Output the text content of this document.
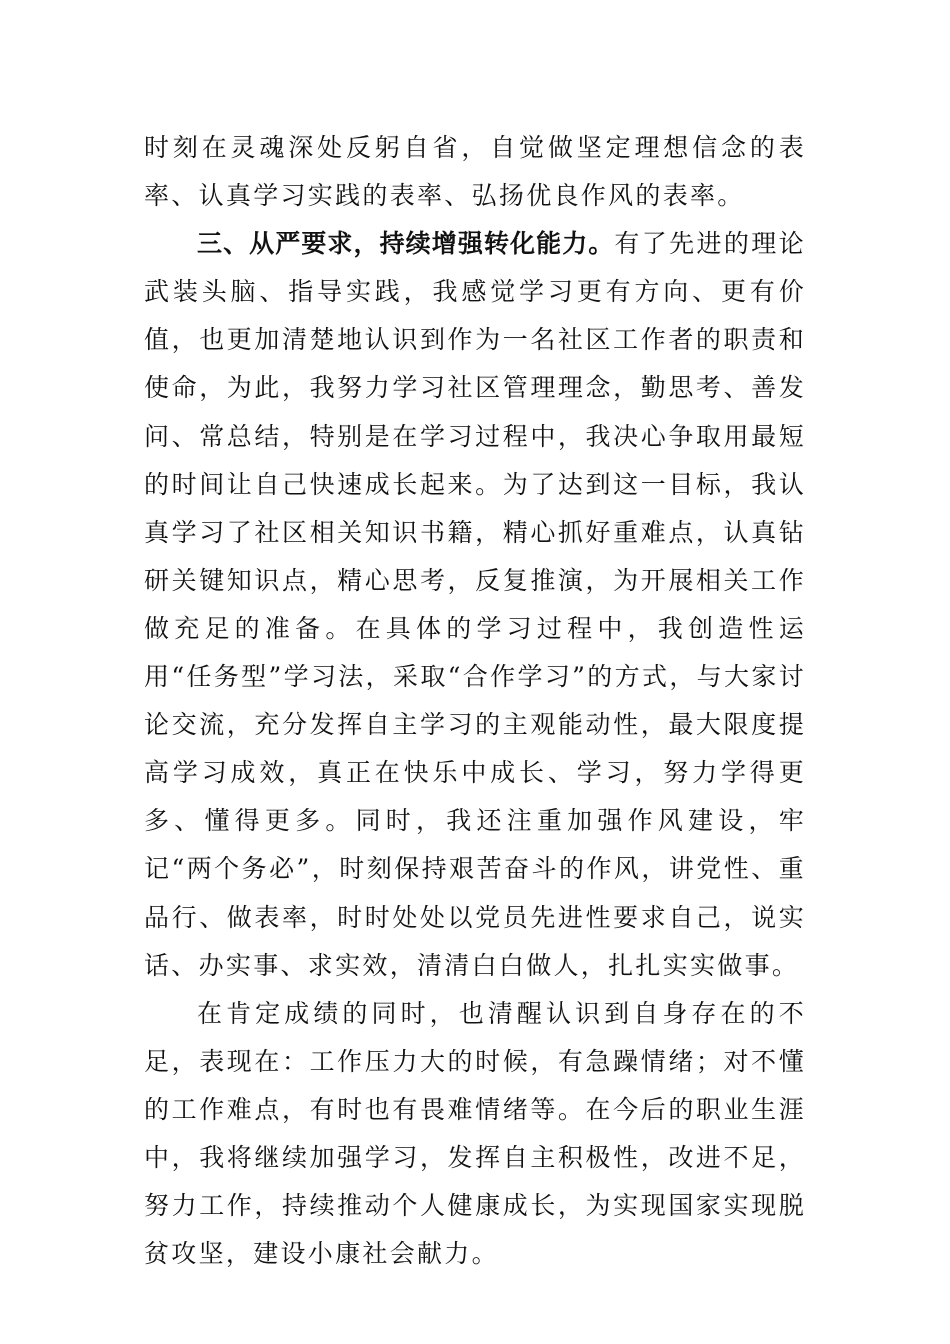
时刻在灵魂深处反躬自省，自觉做坚定理想信念的表率、认真学习实践的表率、弘扬优良作风的表率。

三、从严要求，持续增强转化能力。有了先进的理论武装头脑、指导实践，我感觉学习更有方向、更有价值，也更加清楚地认识到作为一名社区工作者的职责和使命，为此，我努力学习社区管理理念，勤思考、善发问、常总结，特别是在学习过程中，我决心争取用最短的时间让自己快速成长起来。为了达到这一目标，我认真学习了社区相关知识书籍，精心抓好重难点，认真钻研关键知识点，精心思考，反复推演，为开展相关工作做充足的准备。在具体的学习过程中，我创造性运用“任务型”学习法，采取“合作学习”的方式，与大家讨论交流，充分发挥自主学习的主观能动性，最大限度提高学习成效，真正在快乐中成长、学习，努力学得更多、懂得更多。同时，我还注重加强作风建设，牢记“两个务必”，时刻保持艰苦奋斗的作风，讲党性、重品行、做表率，时时处处以党员先进性要求自己，说实话、办实事、求实效，清清白白做人，扎扎实实做事。

在肯定成绩的同时，也清醒认识到自身存在的不足，表现在：工作压力大的时候，有急躁情绪；对不懂的工作难点，有时也有畏难情绪等。在今后的职业生涯中，我将继续加强学习，发挥自主积极性，改进不足，努力工作，持续推动个人健康成长，为实现国家实现脱贫攻坚，建设小康社会献力。
